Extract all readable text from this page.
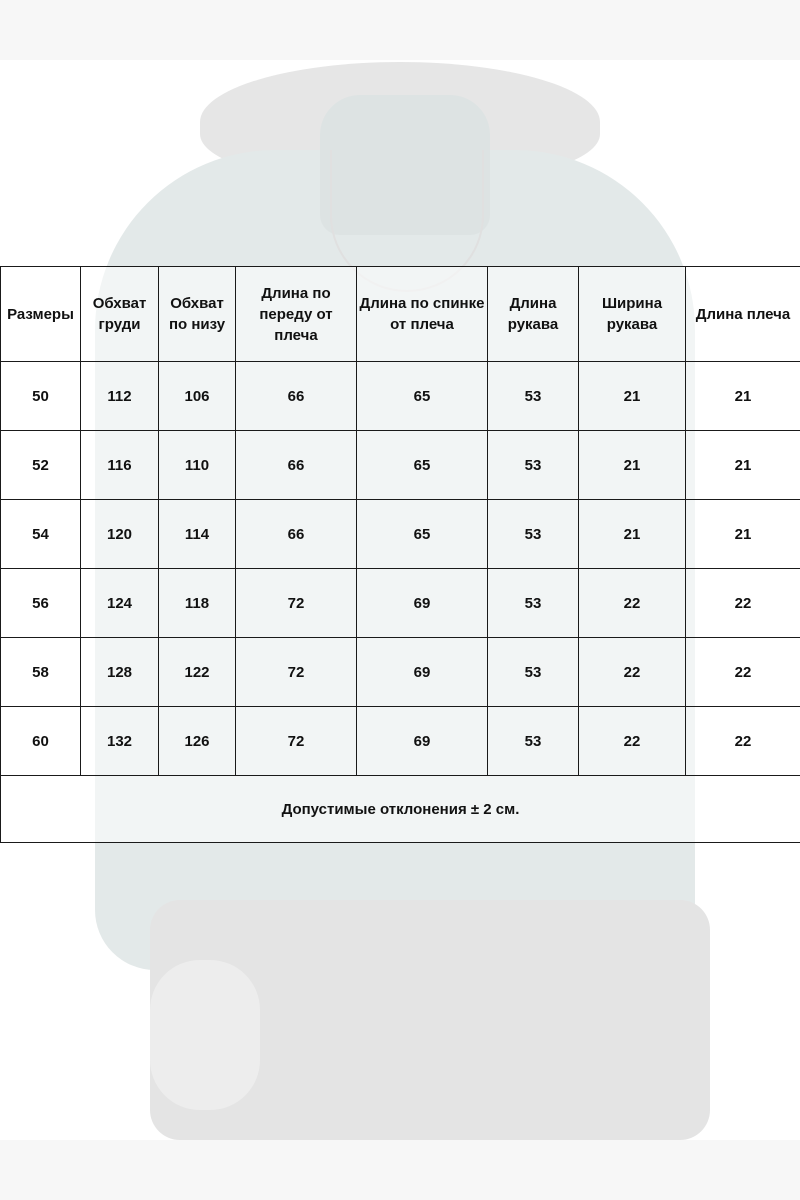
Размеры	Обхват груди	Обхват по низу	Длина по переду от плеча	Длина по спинке от плеча	Длина рукава	Ширина рукава	Длина плеча
50	112	106	66	65	53	21	21
52	116	110	66	65	53	21	21
54	120	114	66	65	53	21	21
56	124	118	72	69	53	22	22
58	128	122	72	69	53	22	22
60	132	126	72	69	53	22	22
Допустимые отклонения ± 2 см.							
